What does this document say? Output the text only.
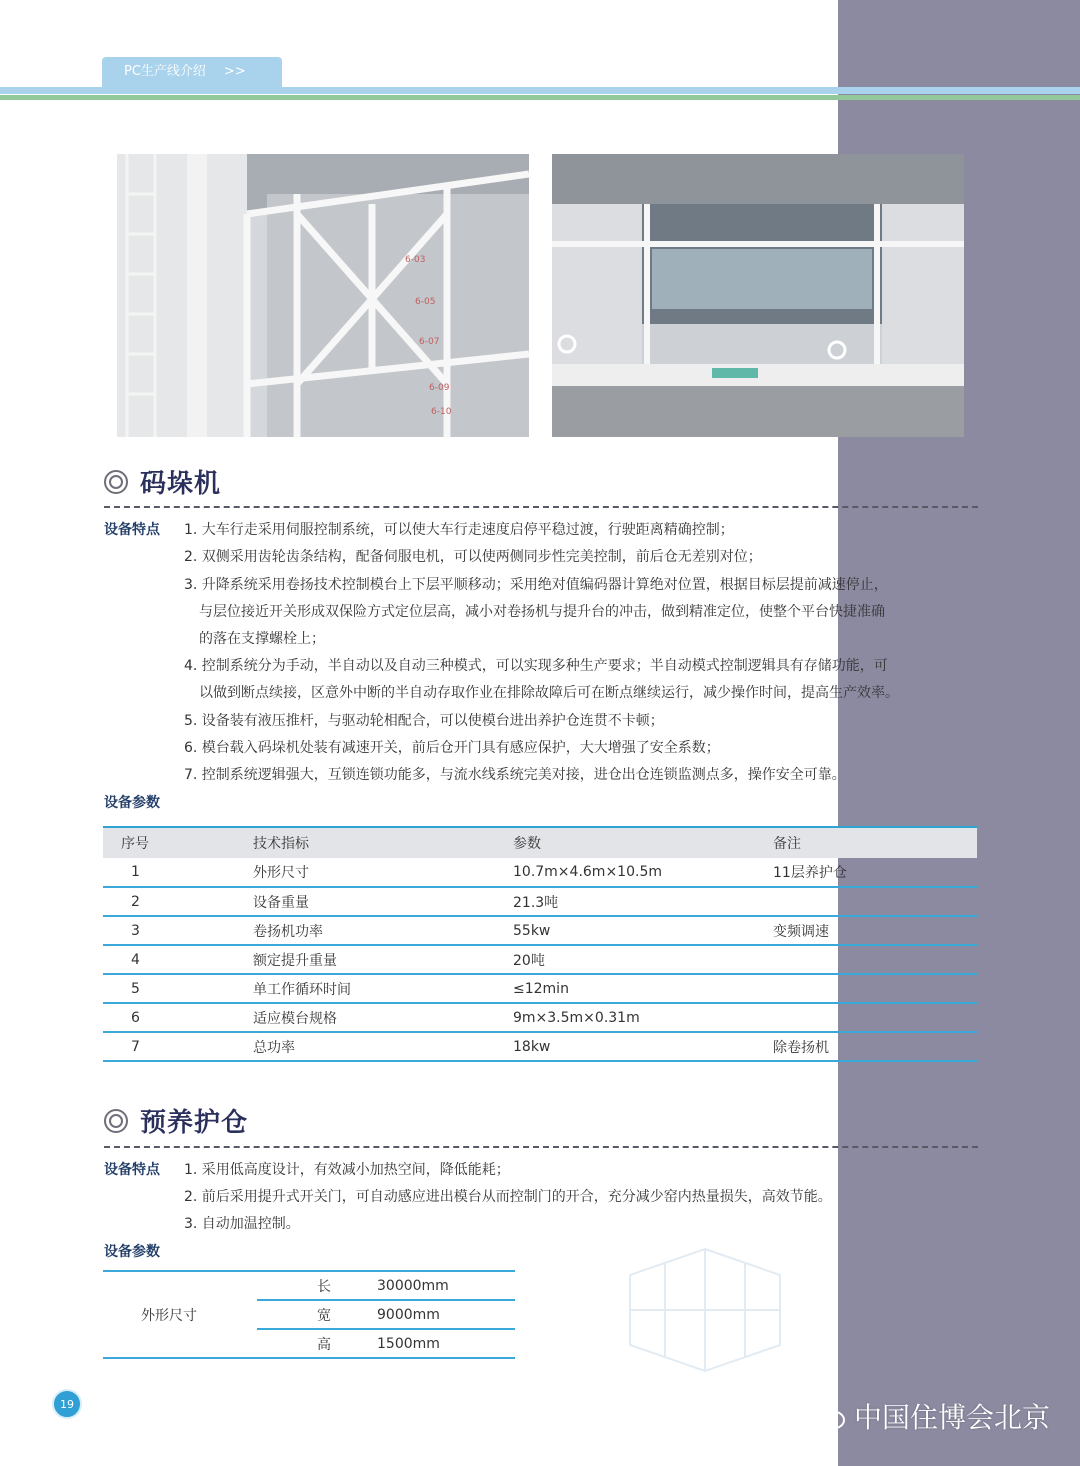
PC生产线介绍 >>
6-03
6-05
6-07
6-09
6-10
码垛机
设备特点 1. 大车行走采用伺服控制系统，可以使大车行走速度启停平稳过渡，行驶距离精确控制；
2. 双侧采用齿轮齿条结构，配备伺服电机，可以使两侧同步性完美控制，前后仓无差别对位；
3. 升降系统采用卷扬技术控制模台上下层平顺移动；采用绝对值编码器计算绝对位置，根据目标层提前减速停止，
与层位接近开关形成双保险方式定位层高，减小对卷扬机与提升台的冲击，做到精准定位，使整个平台快捷准确
的落在支撑螺栓上；
4. 控制系统分为手动，半自动以及自动三种模式，可以实现多种生产要求；半自动模式控制逻辑具有存储功能，可
以做到断点续接，区意外中断的半自动存取作业在排除故障后可在断点继续运行，减少操作时间，提高生产效率。
5. 设备装有液压推杆，与驱动轮相配合，可以使模台进出养护仓连贯不卡顿；
6. 模台载入码垛机处装有减速开关，前后仓开门具有感应保护，大大增强了安全系数；
7. 控制系统逻辑强大，互锁连锁功能多，与流水线系统完美对接，进仓出仓连锁监测点多，操作安全可靠。
设备参数
序号	技术指标	参数	备注
1	外形尺寸	10.7m×4.6m×10.5m	11层养护仓
2	设备重量	21.3吨	
3	卷扬机功率	55kw	变频调速
4	额定提升重量	20吨	
5	单工作循环时间	≤12min	
6	适应模台规格	9m×3.5m×0.31m	
7	总功率	18kw	除卷扬机
预养护仓
设备特点 1. 采用低高度设计，有效减小加热空间，降低能耗；
2. 前后采用提升式开关门，可自动感应进出模台从而控制门的开合，充分减少窑内热量损失，高效节能。
3. 自动加温控制。
设备参数
外形尺寸	长	30000mm
	宽	9000mm
	高	1500mm
19	中国住博会北京
